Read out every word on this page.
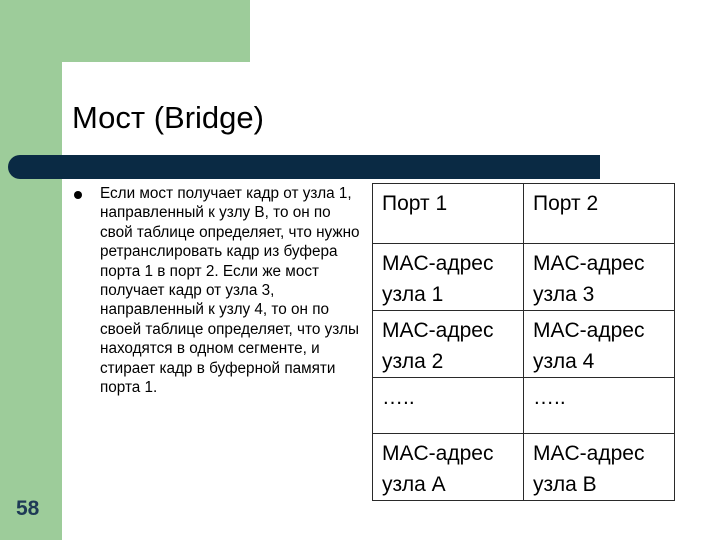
Мост (Bridge)
Если мост получает кадр от узла 1, направленный к узлу B, то он по свой таблице определяет, что нужно ретранслировать кадр из буфера порта 1 в порт 2. Если же мост получает кадр от узла 3, направленный к узлу 4, то он по своей таблице определяет, что узлы находятся в одном сегменте, и стирает кадр в буферной памяти порта 1.
Порт 1	Порт 2
MAC-адрес узла 1	MAC-адрес узла 3
MAC-адрес узла 2	MAC-адрес узла 4
…..	…..
MAC-адрес узла A	MAC-адрес узла B
58
